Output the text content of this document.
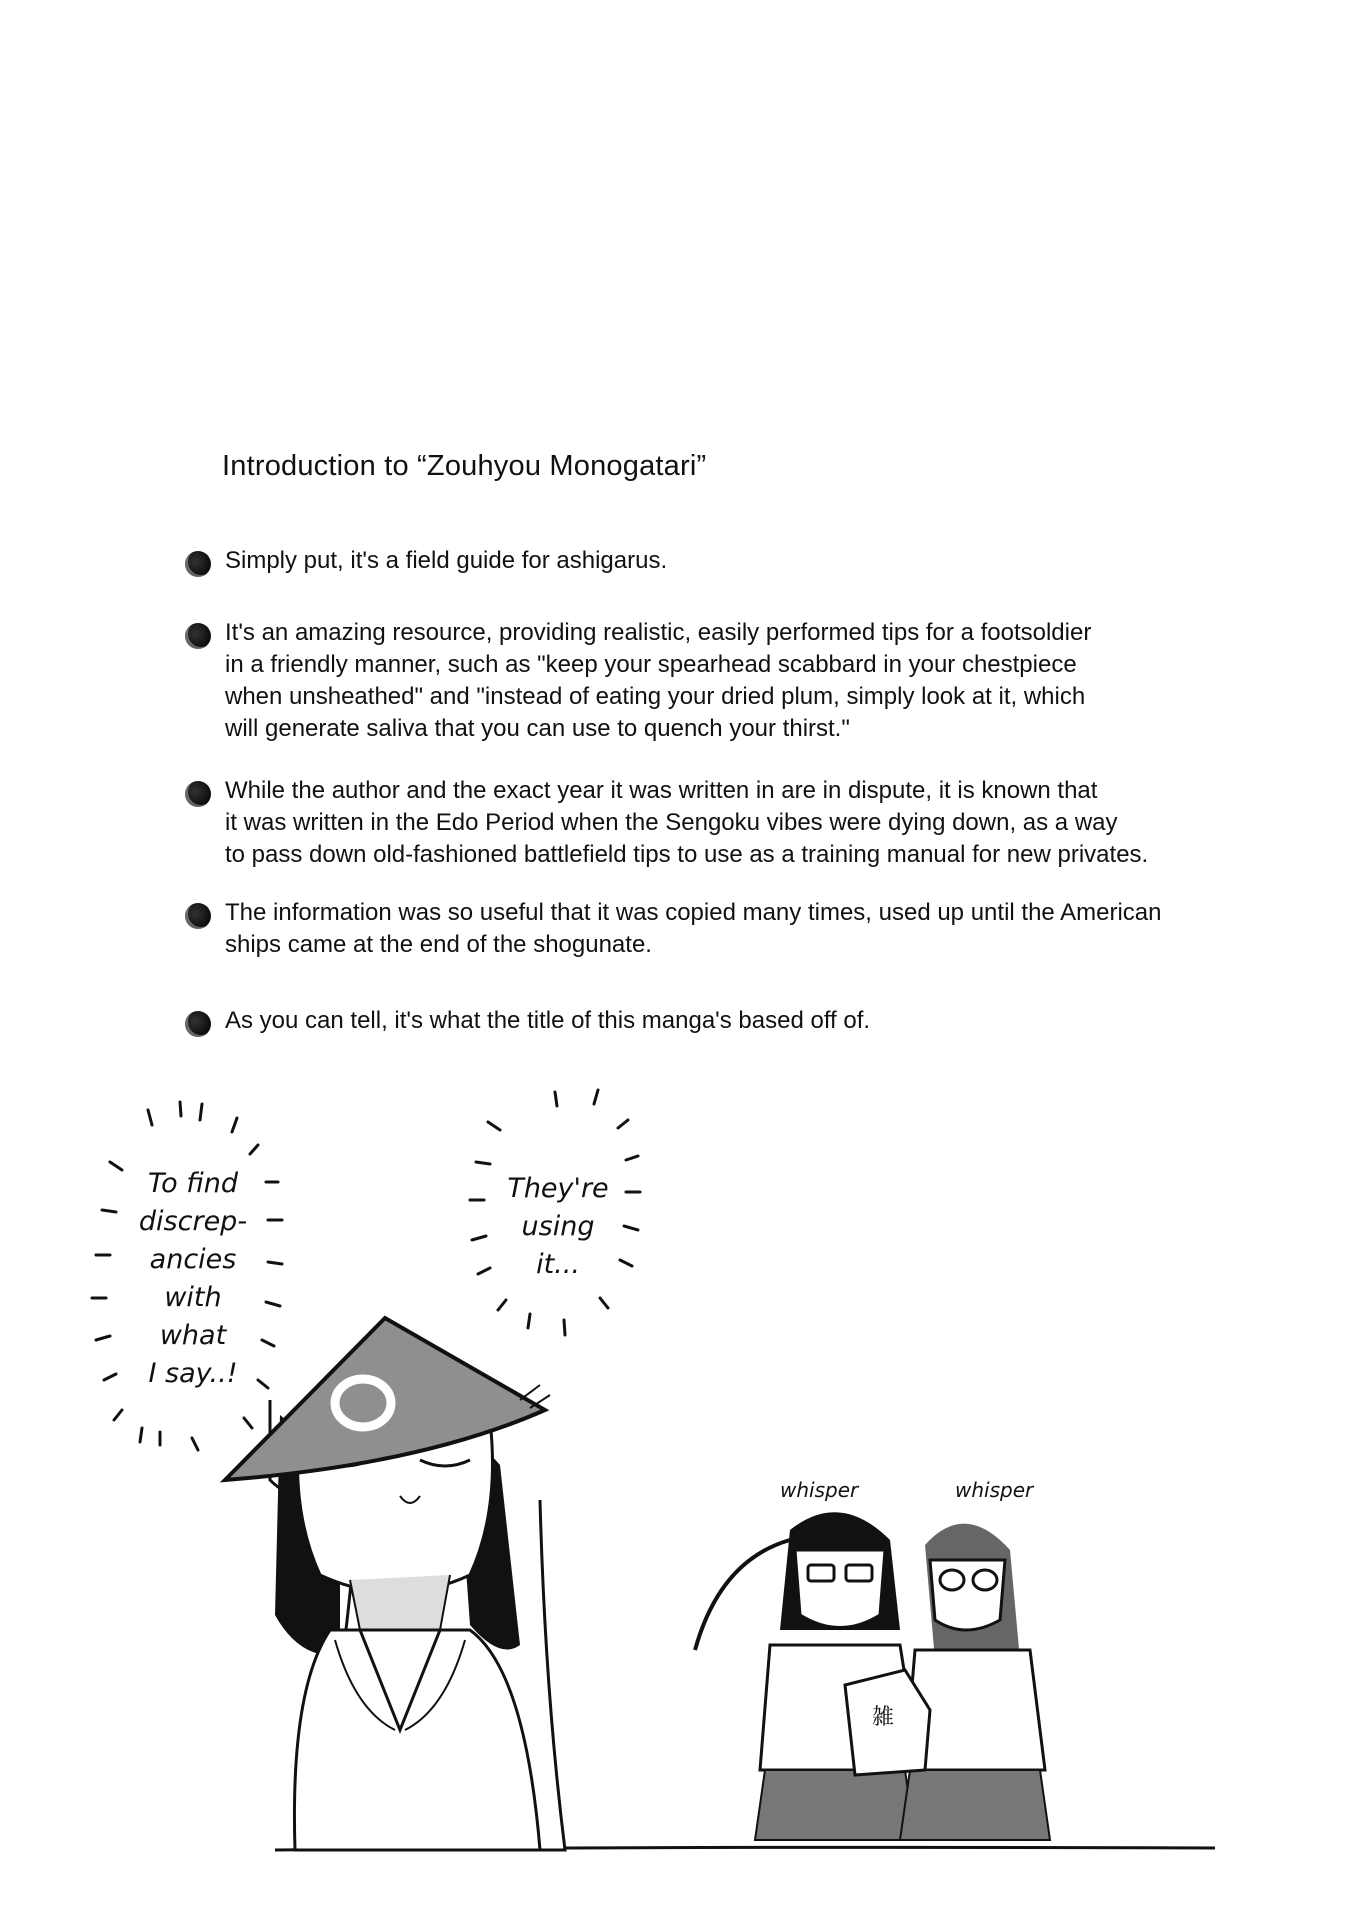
Introduction to “Zouhyou Monogatari”
Simply put, it's a field guide for ashigarus.
It's an amazing resource, providing realistic, easily performed tips for a footsoldier
in a friendly manner, such as "keep your spearhead scabbard in your chestpiece
when unsheathed" and "instead of eating your dried plum, simply look at it, which
will generate saliva that you can use to quench your thirst."
While the author and the exact year it was written in are in dispute, it is known that
it was written in the Edo Period when the Sengoku vibes were dying down, as a way
to pass down old-fashioned battlefield tips to use as a training manual for new privates.
The information was so useful that it was copied many times, used up until the American
ships came at the end of the shogunate.
As you can tell, it's what the title of this manga's based off of.
To find
discrep-
ancies
with
what
I say..!
They're
using
it...
whisper	whisper
雑
